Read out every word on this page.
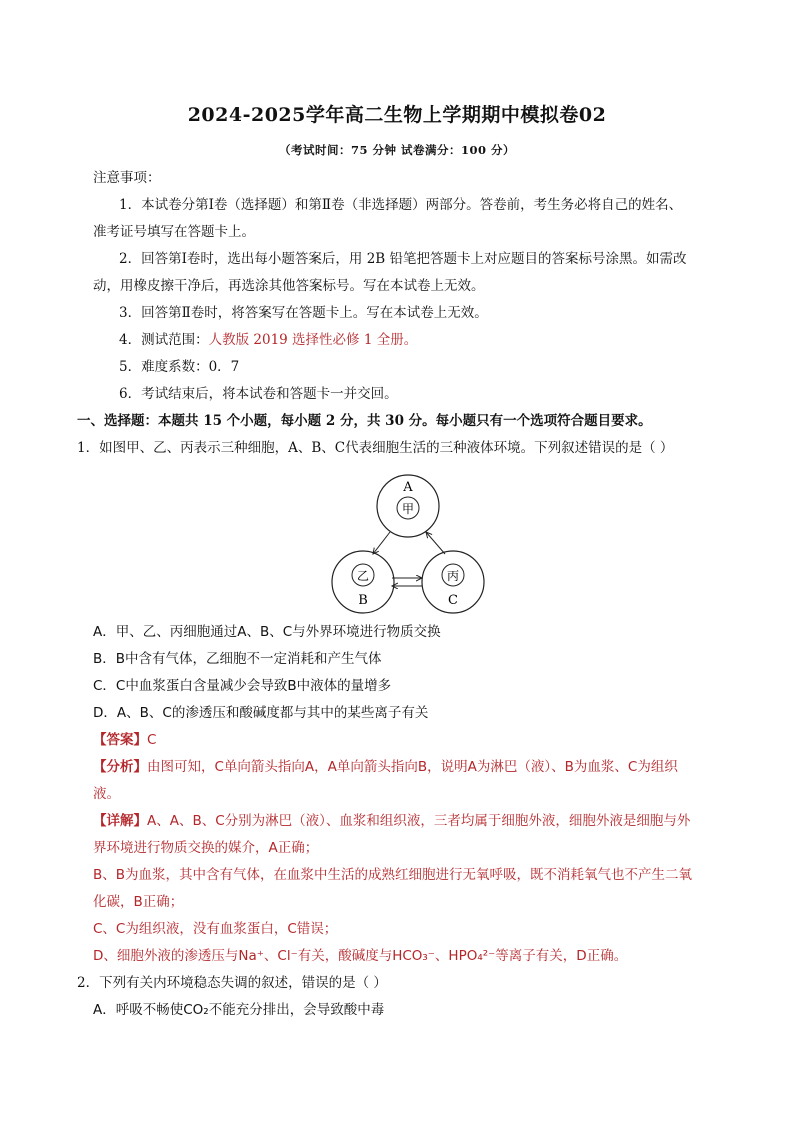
2024-2025学年高二生物上学期期中模拟卷02
（考试时间：75 分钟 试卷满分：100 分）
注意事项：
1．本试卷分第Ⅰ卷（选择题）和第Ⅱ卷（非选择题）两部分。答卷前，考生务必将自己的姓名、
准考证号填写在答题卡上。
2．回答第Ⅰ卷时，选出每小题答案后，用 2B 铅笔把答题卡上对应题目的答案标号涂黑。如需改
动，用橡皮擦干净后，再选涂其他答案标号。写在本试卷上无效。
3．回答第Ⅱ卷时，将答案写在答题卡上。写在本试卷上无效。
4．测试范围：人教版 2019 选择性必修 1 全册。
5．难度系数：0．7
6．考试结束后，将本试卷和答题卡一并交回。
一、选择题：本题共 15 个小题，每小题 2 分，共 30 分。每小题只有一个选项符合题目要求。
1．如图甲、乙、丙表示三种细胞，A、B、C代表细胞生活的三种液体环境。下列叙述错误的是（ ）
A
甲
乙
B
丙
C
A．甲、乙、丙细胞通过A、B、C与外界环境进行物质交换
B．B中含有气体，乙细胞不一定消耗和产生气体
C．C中血浆蛋白含量减少会导致B中液体的量增多
D．A、B、C的渗透压和酸碱度都与其中的某些离子有关
【答案】C
【分析】由图可知，C单向箭头指向A，A单向箭头指向B，说明A为淋巴（液）、B为血浆、C为组织
液。
【详解】A、A、B、C分别为淋巴（液）、血浆和组织液，三者均属于细胞外液，细胞外液是细胞与外
界环境进行物质交换的媒介，A正确；
B、B为血浆，其中含有气体，在血浆中生活的成熟红细胞进行无氧呼吸，既不消耗氧气也不产生二氧
化碳，B正确；
C、C为组织液，没有血浆蛋白，C错误；
D、细胞外液的渗透压与Na⁺、Cl⁻有关，酸碱度与HCO₃⁻、HPO₄²⁻等离子有关，D正确。
2．下列有关内环境稳态失调的叙述，错误的是（ ）
A．呼吸不畅使CO₂不能充分排出，会导致酸中毒
